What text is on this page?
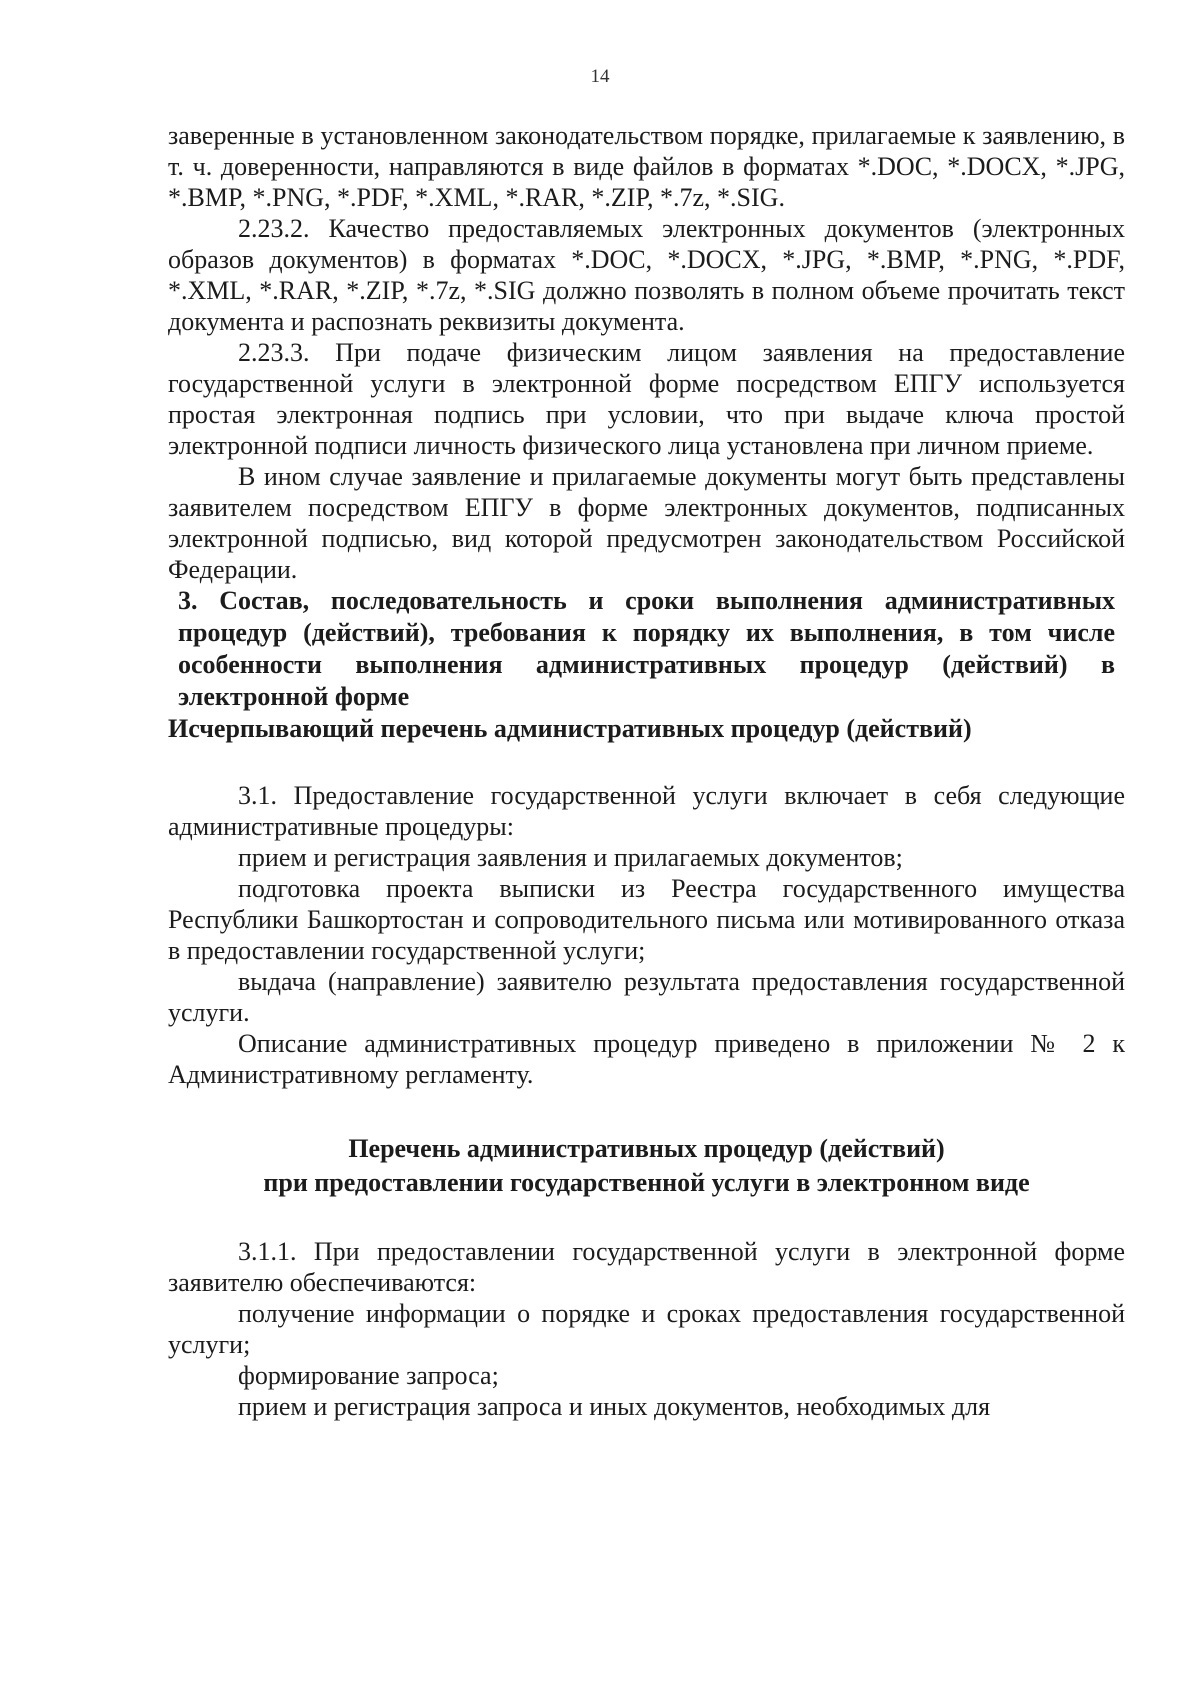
14

заверенные в установленном законодательством порядке, прилагаемые к заявлению, в т. ч. доверенности, направляются в виде файлов в форматах *.DOC, *.DOCX, *.JPG, *.BMP, *.PNG, *.PDF, *.XML, *.RAR, *.ZIP, *.7z, *.SIG.

2.23.2. Качество предоставляемых электронных документов (электронных образов документов) в форматах *.DOC, *.DOCX, *.JPG, *.BMP, *.PNG, *.PDF, *.XML, *.RAR, *.ZIP, *.7z, *.SIG должно позволять в полном объеме прочитать текст документа и распознать реквизиты документа.

2.23.3. При подаче физическим лицом заявления на предоставление государственной услуги в электронной форме посредством ЕПГУ используется простая электронная подпись при условии, что при выдаче ключа простой электронной подписи личность физического лица установлена при личном приеме.

В ином случае заявление и прилагаемые документы могут быть представлены заявителем посредством ЕПГУ в форме электронных документов, подписанных электронной подписью, вид которой предусмотрен законодательством Российской Федерации.

3. Состав, последовательность и сроки выполнения административных процедур (действий), требования к порядку их выполнения, в том числе особенности выполнения административных процедур (действий) в электронной форме

Исчерпывающий перечень административных процедур (действий)

3.1. Предоставление государственной услуги включает в себя следующие административные процедуры:

прием и регистрация заявления и прилагаемых документов;

подготовка проекта выписки из Реестра государственного имущества Республики Башкортостан и сопроводительного письма или мотивированного отказа в предоставлении государственной услуги;

выдача (направление) заявителю результата предоставления государственной услуги.

Описание административных процедур приведено в приложении № 2 к Административному регламенту.

Перечень административных процедур (действий)
при предоставлении государственной услуги в электронном виде

3.1.1. При предоставлении государственной услуги в электронной форме заявителю обеспечиваются:

получение информации о порядке и сроках предоставления государственной услуги;

формирование запроса;

прием и регистрация запроса и иных документов, необходимых для
